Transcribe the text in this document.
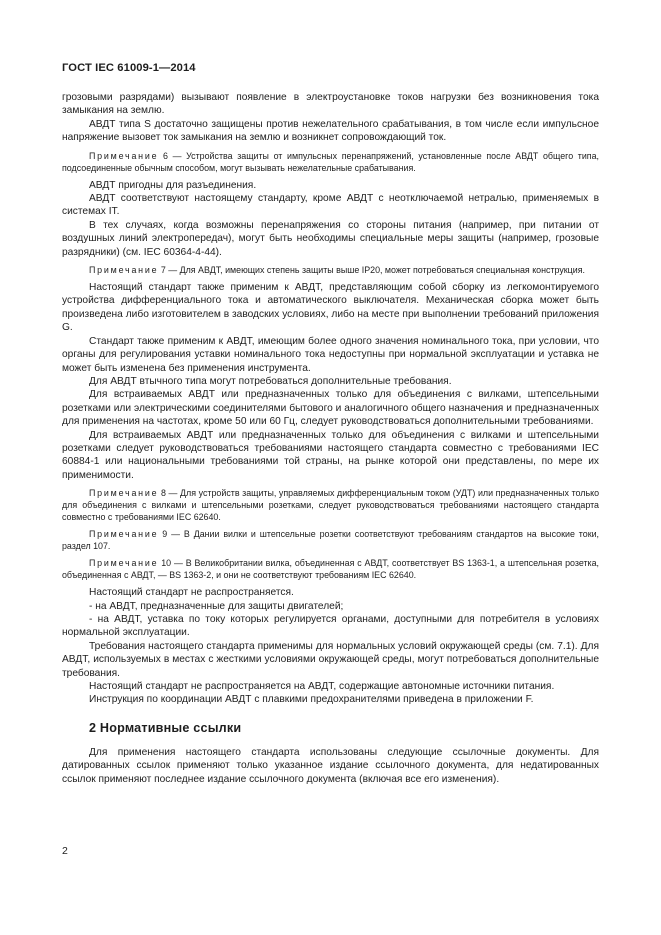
ГОСТ IEC 61009-1—2014

грозовыми разрядами) вызывают появление в электроустановке токов нагрузки без возникновения тока замыкания на землю.

АВДТ типа S достаточно защищены против нежелательного срабатывания, в том числе если импульсное напряжение вызовет ток замыкания на землю и возникнет сопровождающий ток.

Примечание 6 — Устройства защиты от импульсных перенапряжений, установленные после АВДТ общего типа, подсоединенные обычным способом, могут вызывать нежелательные срабатывания.

АВДТ пригодны для разъединения.

АВДТ соответствуют настоящему стандарту, кроме АВДТ с неотключаемой нетралью, применяемых в системах IT.

В тех случаях, когда возможны перенапряжения со стороны питания (например, при питании от воздушных линий электропередач), могут быть необходимы специальные меры защиты (например, грозовые разрядники) (см. IEC 60364-4-44).

Примечание 7 — Для АВДТ, имеющих степень защиты выше IP20, может потребоваться специальная конструкция.

Настоящий стандарт также применим к АВДТ, представляющим собой сборку из легкомонтируемого устройства дифференциального тока и автоматического выключателя. Механическая сборка может быть произведена либо изготовителем в заводских условиях, либо на месте при выполнении требований приложения G.

Стандарт также применим к АВДТ, имеющим более одного значения номинального тока, при условии, что органы для регулирования уставки номинального тока недоступны при нормальной эксплуатации и уставка не может быть изменена без применения инструмента.

Для АВДТ втычного типа могут потребоваться дополнительные требования.

Для встраиваемых АВДТ или предназначенных только для объединения с вилками, штепсельными розетками или электрическими соединителями бытового и аналогичного общего назначения и предназначенных для применения на частотах, кроме 50 или 60 Гц, следует руководствоваться дополнительными требованиями.

Для встраиваемых АВДТ или предназначенных только для объединения с вилками и штепсельными розетками следует руководствоваться требованиями настоящего стандарта совместно с требованиями IEC 60884-1 или национальными требованиями той страны, на рынке которой они представлены, по мере их применимости.

Примечание 8 — Для устройств защиты, управляемых дифференциальным током (УДТ) или предназначенных только для объединения с вилками и штепсельными розетками, следует руководствоваться требованиями настоящего стандарта совместно с требованиями IEC 62640.

Примечание 9 — В Дании вилки и штепсельные розетки соответствуют требованиям стандартов на высокие токи, раздел 107.

Примечание 10 — В Великобритании вилка, объединенная с АВДТ, соответствует BS 1363-1, а штепсельная розетка, объединенная с АВДТ, — BS 1363-2, и они не соответствуют требованиям IEC 62640.

Настоящий стандарт не распространяется.

- на АВДТ, предназначенные для защиты двигателей;

- на АВДТ, уставка по току которых регулируется органами, доступными для потребителя в условиях нормальной эксплуатации.

Требования настоящего стандарта применимы для нормальных условий окружающей среды (см. 7.1). Для АВДТ, используемых в местах с жесткими условиями окружающей среды, могут потребоваться дополнительные требования.

Настоящий стандарт не распространяется на АВДТ, содержащие автономные источники питания.

Инструкция по координации АВДТ с плавкими предохранителями приведена в приложении F.

2 Нормативные ссылки

Для применения настоящего стандарта использованы следующие ссылочные документы. Для датированных ссылок применяют только указанное издание ссылочного документа, для недатированных ссылок применяют последнее издание ссылочного документа (включая все его изменения).

2
